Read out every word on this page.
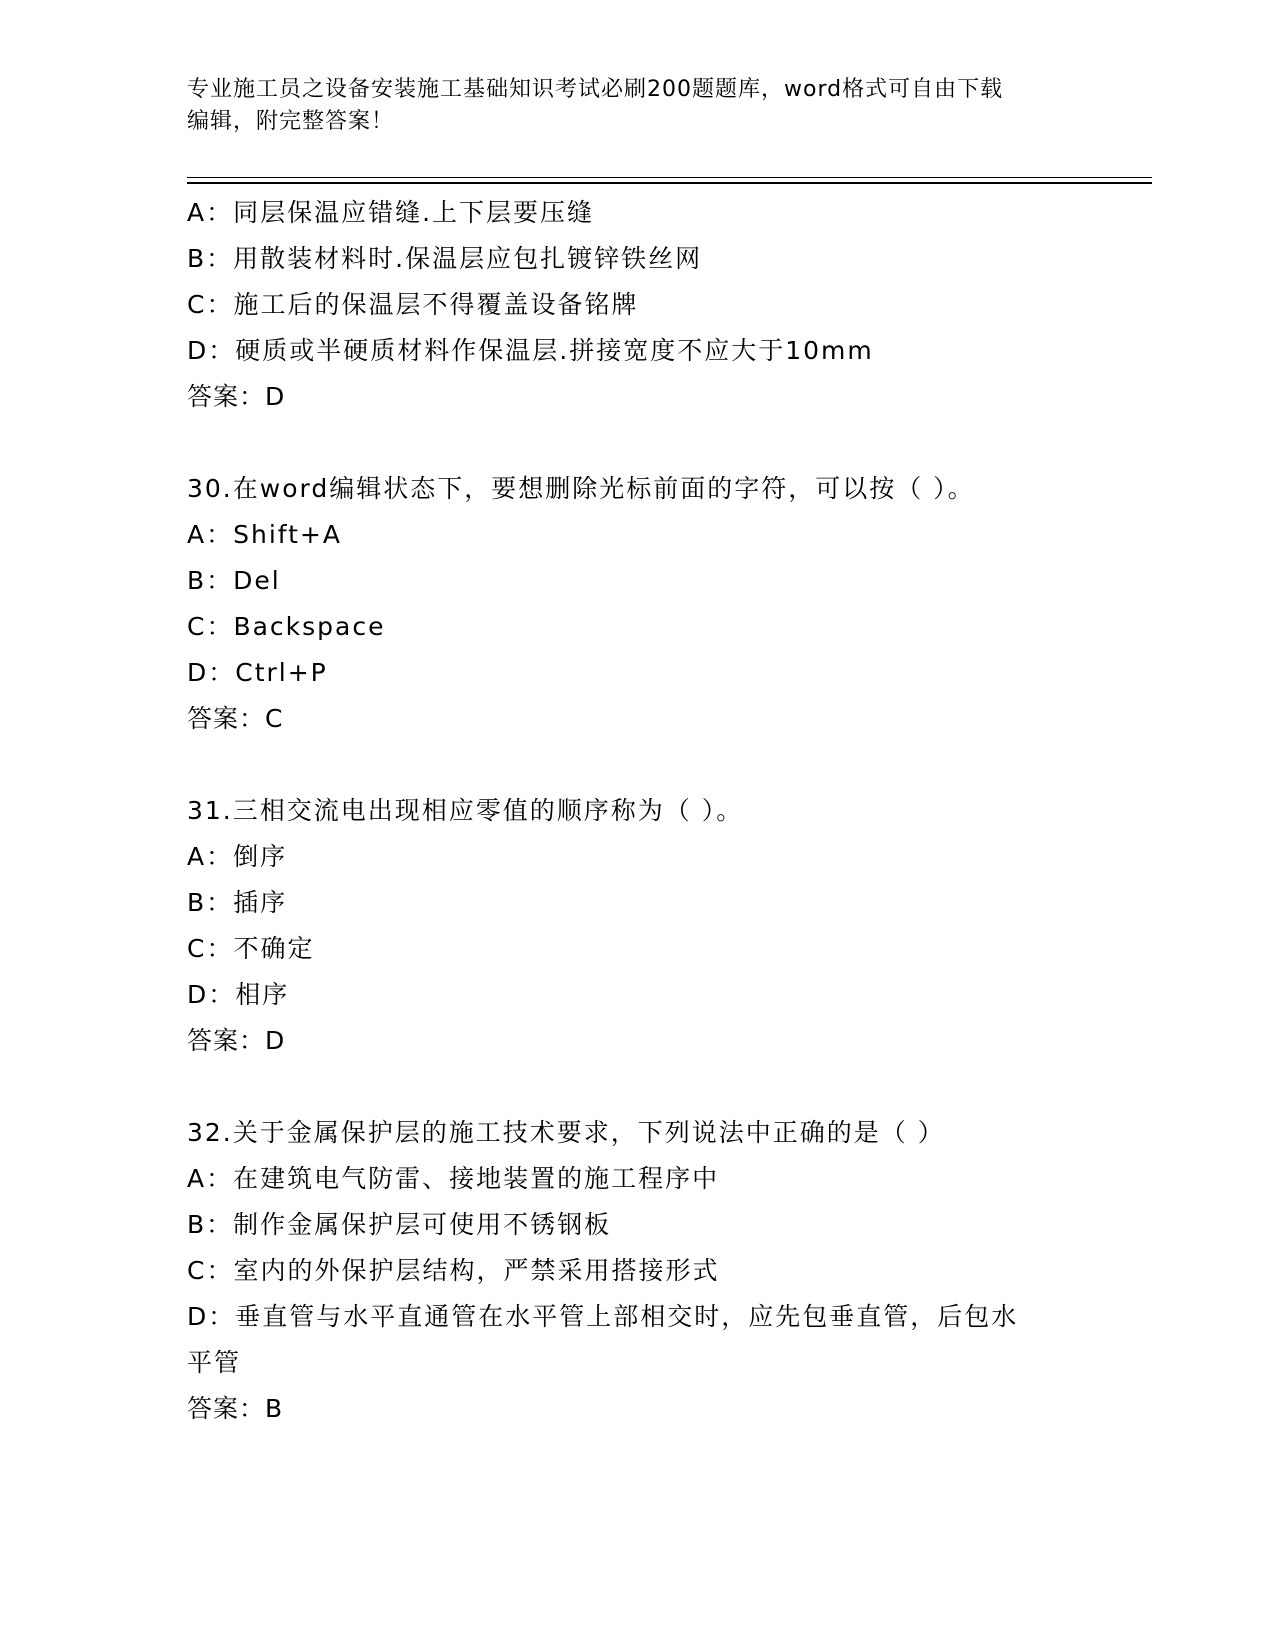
专业施工员之设备安装施工基础知识考试必刷200题题库，word格式可自由下载
编辑，附完整答案！
A：同层保温应错缝.上下层要压缝
B：用散装材料时.保温层应包扎镀锌铁丝网
C：施工后的保温层不得覆盖设备铭牌
D：硬质或半硬质材料作保温层.拼接宽度不应大于10mm
答案：D
30.在word编辑状态下，要想删除光标前面的字符，可以按（ ）。
A：Shift+A
B：Del
C：Backspace
D：Ctrl+P
答案：C
31.三相交流电出现相应零值的顺序称为（ ）。
A：倒序
B：插序
C：不确定
D：相序
答案：D
32.关于金属保护层的施工技术要求，下列说法中正确的是（ ）
A：在建筑电气防雷、接地装置的施工程序中
B：制作金属保护层可使用不锈钢板
C：室内的外保护层结构，严禁采用搭接形式
D：垂直管与水平直通管在水平管上部相交时，应先包垂直管，后包水
平管
答案：B
